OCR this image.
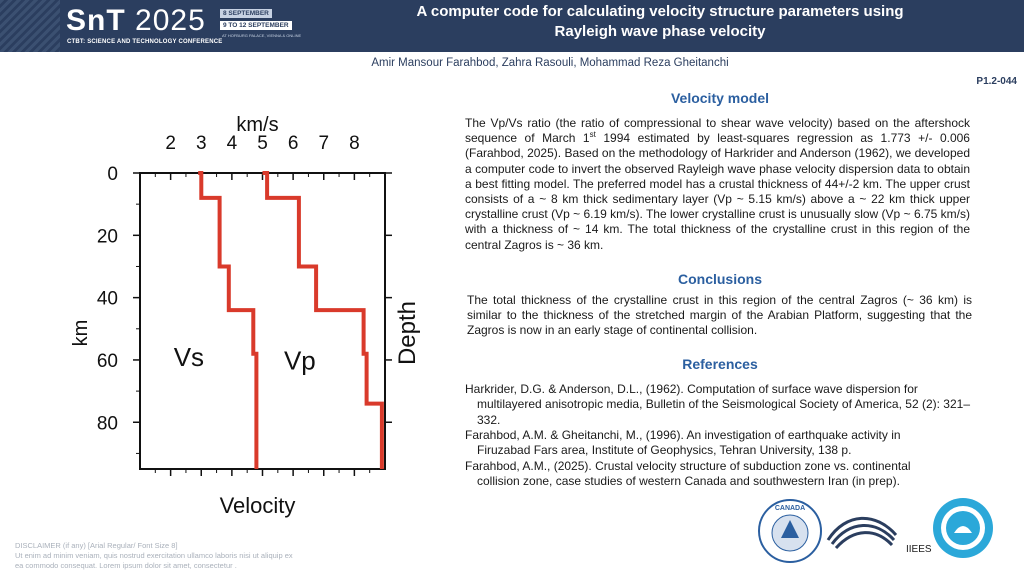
SnT 2025
CTBT: SCIENCE AND TECHNOLOGY CONFERENCE
8 SEPTEMBER
9 TO 12 SEPTEMBER
AT HOFBURG PALACE, VIENNA & ONLINE
A computer code for calculating velocity structure parameters using
Rayleigh wave phase velocity
Amir Mansour Farahbod, Zahra Rasouli, Mohammad Reza Gheitanchi
P1.2-044
2 3 4 5 6 7 8
0
20
40
60
80
km/s
Velocity
km	Depth
Vs	Vp
Velocity model
The Vp/Vs ratio (the ratio of compressional to shear wave velocity) based on the aftershock sequence of March 1st 1994 estimated by least-squares regression as 1.773 +/- 0.006 (Farahbod, 2025). Based on the methodology of Harkrider and Anderson (1962), we developed a computer code to invert the observed Rayleigh wave phase velocity dispersion data to obtain a best fitting model. The preferred model has a crustal thickness of 44+/-2 km. The upper crust consists of a ~ 8 km thick sedimentary layer (Vp ~ 5.15 km/s) above a ~ 22 km thick upper crystalline crust (Vp ~ 6.19 km/s). The lower crystalline crust is unusually slow (Vp ~ 6.75 km/s) with a thickness of ~ 14 km. The total thickness of the crystalline crust in this region of the central Zagros is ~ 36 km.
Conclusions
The total thickness of the crystalline crust in this region of the central Zagros (~ 36 km) is similar to the thickness of the stretched margin of the Arabian Platform, suggesting that the Zagros is now in an early stage of continental collision.
References
Harkrider, D.G. & Anderson, D.L., (1962). Computation of surface wave dispersion for
multilayered anisotropic media, Bulletin of the Seismological Society of America, 52 (2): 321–332.
Farahbod, A.M. & Gheitanchi, M., (1996). An investigation of earthquake activity in
Firuzabad Fars area, Institute of Geophysics, Tehran University, 138 p.
Farahbod, A.M., (2025). Crustal velocity structure of subduction zone vs. continental
collision zone, case studies of western Canada and southwestern Iran (in prep).
DISCLAIMER (if any) [Arial Regular/ Font Size 8]
Ut enim ad minim veniam, quis nostrud exercitation ullamco laboris nisi ut aliquip ex
ea commodo consequat. Lorem ipsum dolor sit amet, consectetur .
CANADA
IIEES
